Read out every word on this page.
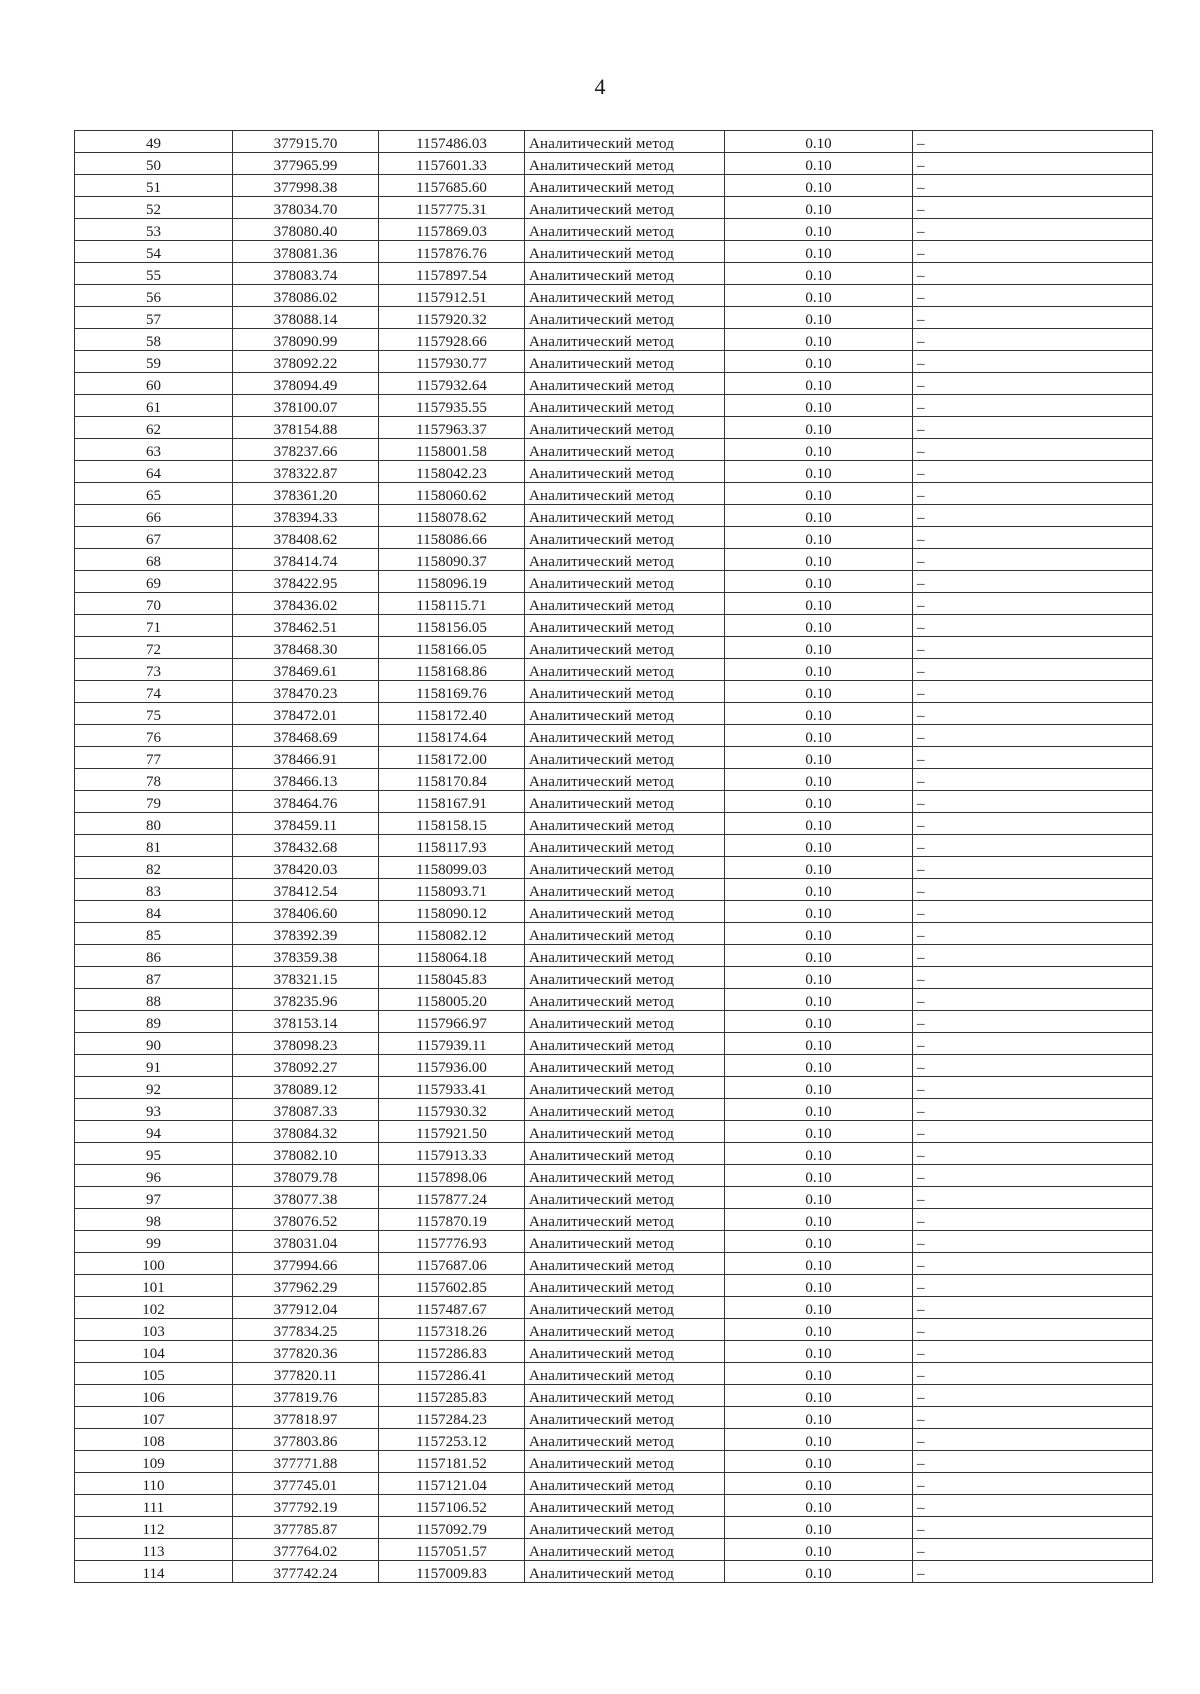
4
49	377915.70	1157486.03	Аналитический метод	0.10	–
50	377965.99	1157601.33	Аналитический метод	0.10	–
51	377998.38	1157685.60	Аналитический метод	0.10	–
52	378034.70	1157775.31	Аналитический метод	0.10	–
53	378080.40	1157869.03	Аналитический метод	0.10	–
54	378081.36	1157876.76	Аналитический метод	0.10	–
55	378083.74	1157897.54	Аналитический метод	0.10	–
56	378086.02	1157912.51	Аналитический метод	0.10	–
57	378088.14	1157920.32	Аналитический метод	0.10	–
58	378090.99	1157928.66	Аналитический метод	0.10	–
59	378092.22	1157930.77	Аналитический метод	0.10	–
60	378094.49	1157932.64	Аналитический метод	0.10	–
61	378100.07	1157935.55	Аналитический метод	0.10	–
62	378154.88	1157963.37	Аналитический метод	0.10	–
63	378237.66	1158001.58	Аналитический метод	0.10	–
64	378322.87	1158042.23	Аналитический метод	0.10	–
65	378361.20	1158060.62	Аналитический метод	0.10	–
66	378394.33	1158078.62	Аналитический метод	0.10	–
67	378408.62	1158086.66	Аналитический метод	0.10	–
68	378414.74	1158090.37	Аналитический метод	0.10	–
69	378422.95	1158096.19	Аналитический метод	0.10	–
70	378436.02	1158115.71	Аналитический метод	0.10	–
71	378462.51	1158156.05	Аналитический метод	0.10	–
72	378468.30	1158166.05	Аналитический метод	0.10	–
73	378469.61	1158168.86	Аналитический метод	0.10	–
74	378470.23	1158169.76	Аналитический метод	0.10	–
75	378472.01	1158172.40	Аналитический метод	0.10	–
76	378468.69	1158174.64	Аналитический метод	0.10	–
77	378466.91	1158172.00	Аналитический метод	0.10	–
78	378466.13	1158170.84	Аналитический метод	0.10	–
79	378464.76	1158167.91	Аналитический метод	0.10	–
80	378459.11	1158158.15	Аналитический метод	0.10	–
81	378432.68	1158117.93	Аналитический метод	0.10	–
82	378420.03	1158099.03	Аналитический метод	0.10	–
83	378412.54	1158093.71	Аналитический метод	0.10	–
84	378406.60	1158090.12	Аналитический метод	0.10	–
85	378392.39	1158082.12	Аналитический метод	0.10	–
86	378359.38	1158064.18	Аналитический метод	0.10	–
87	378321.15	1158045.83	Аналитический метод	0.10	–
88	378235.96	1158005.20	Аналитический метод	0.10	–
89	378153.14	1157966.97	Аналитический метод	0.10	–
90	378098.23	1157939.11	Аналитический метод	0.10	–
91	378092.27	1157936.00	Аналитический метод	0.10	–
92	378089.12	1157933.41	Аналитический метод	0.10	–
93	378087.33	1157930.32	Аналитический метод	0.10	–
94	378084.32	1157921.50	Аналитический метод	0.10	–
95	378082.10	1157913.33	Аналитический метод	0.10	–
96	378079.78	1157898.06	Аналитический метод	0.10	–
97	378077.38	1157877.24	Аналитический метод	0.10	–
98	378076.52	1157870.19	Аналитический метод	0.10	–
99	378031.04	1157776.93	Аналитический метод	0.10	–
100	377994.66	1157687.06	Аналитический метод	0.10	–
101	377962.29	1157602.85	Аналитический метод	0.10	–
102	377912.04	1157487.67	Аналитический метод	0.10	–
103	377834.25	1157318.26	Аналитический метод	0.10	–
104	377820.36	1157286.83	Аналитический метод	0.10	–
105	377820.11	1157286.41	Аналитический метод	0.10	–
106	377819.76	1157285.83	Аналитический метод	0.10	–
107	377818.97	1157284.23	Аналитический метод	0.10	–
108	377803.86	1157253.12	Аналитический метод	0.10	–
109	377771.88	1157181.52	Аналитический метод	0.10	–
110	377745.01	1157121.04	Аналитический метод	0.10	–
111	377792.19	1157106.52	Аналитический метод	0.10	–
112	377785.87	1157092.79	Аналитический метод	0.10	–
113	377764.02	1157051.57	Аналитический метод	0.10	–
114	377742.24	1157009.83	Аналитический метод	0.10	–
